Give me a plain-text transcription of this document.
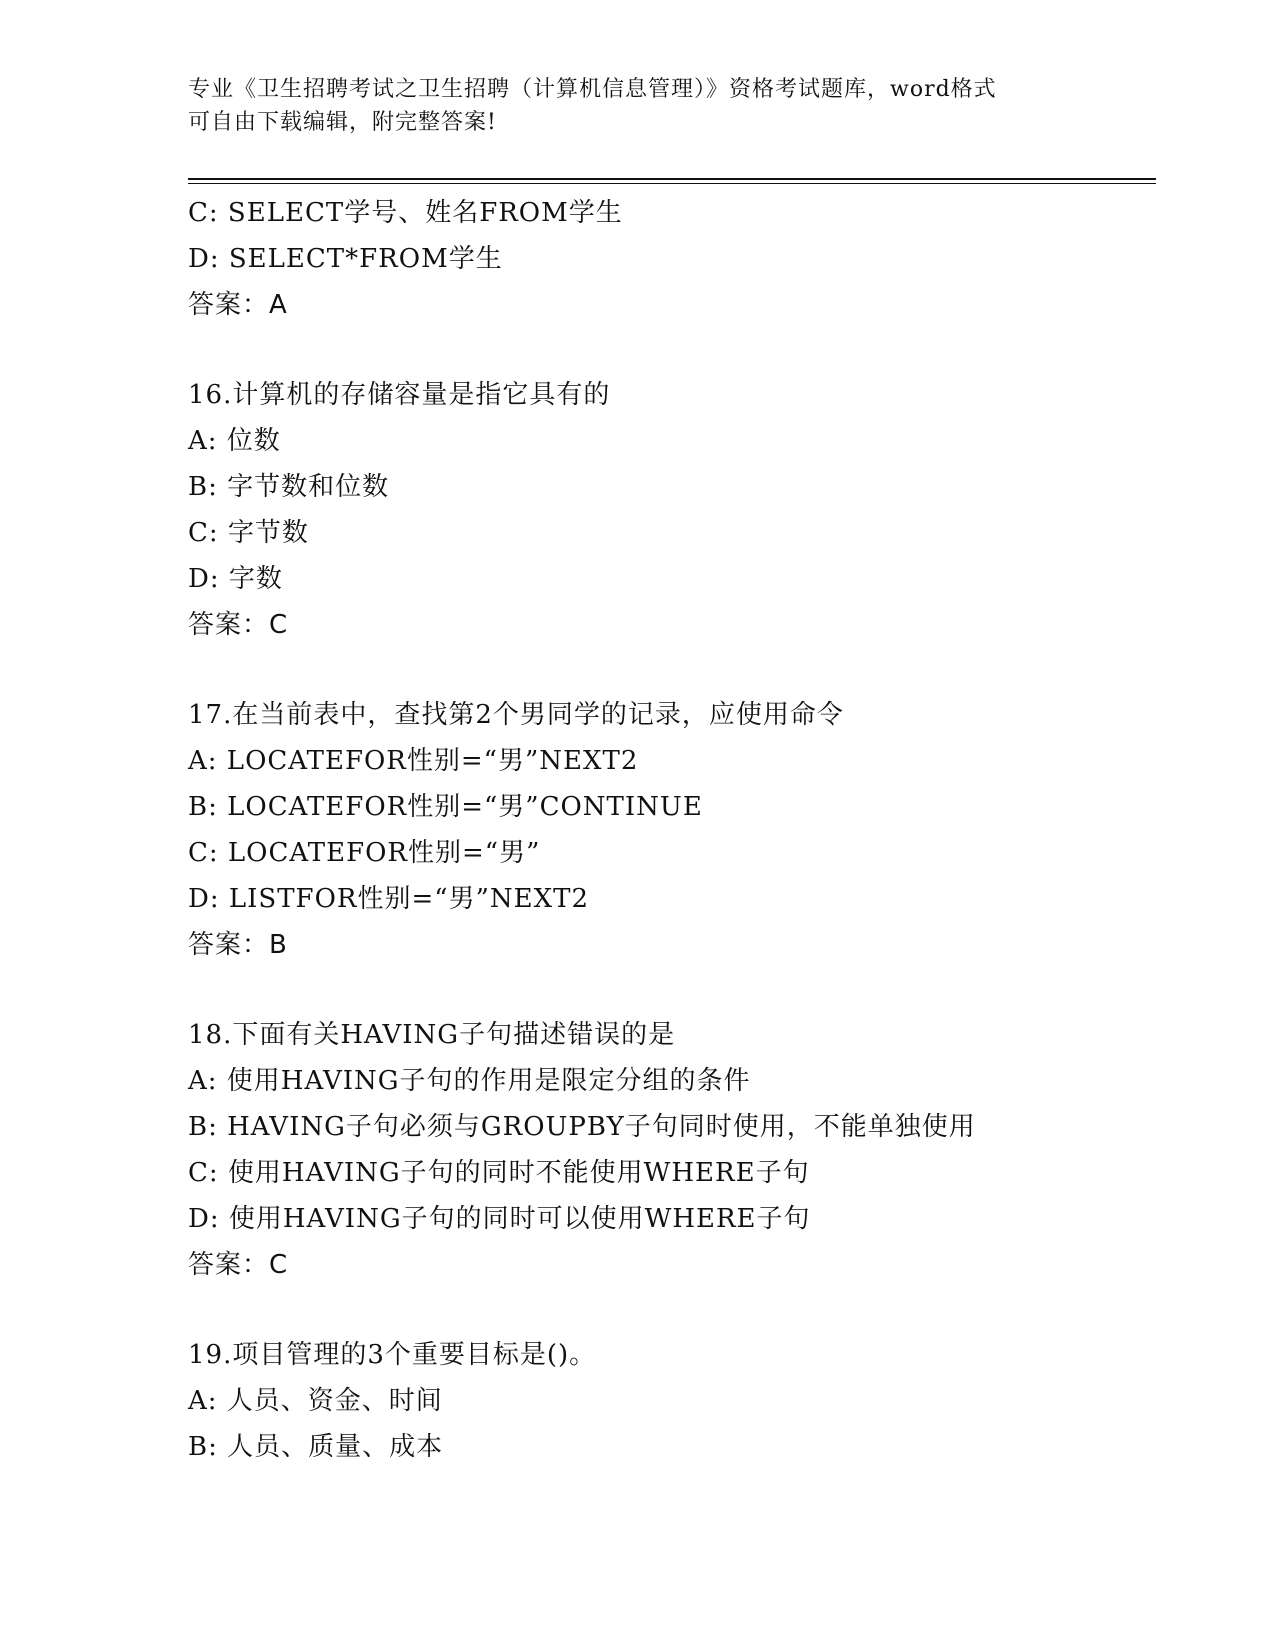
专业《卫生招聘考试之卫生招聘（计算机信息管理）》资格考试题库，word格式
可自由下载编辑，附完整答案!
C: SELECT学号、姓名FROM学生
D: SELECT*FROM学生
答案：A
16.计算机的存储容量是指它具有的
A: 位数
B: 字节数和位数
C: 字节数
D: 字数
答案：C
17.在当前表中，查找第2个男同学的记录，应使用命令
A: LOCATEFOR性别=“男”NEXT2
B: LOCATEFOR性别=“男”CONTINUE
C: LOCATEFOR性别=“男”
D: LISTFOR性别=“男”NEXT2
答案：B
18.下面有关HAVING子句描述错误的是
A: 使用HAVING子句的作用是限定分组的条件
B: HAVING子句必须与GROUPBY子句同时使用，不能单独使用
C: 使用HAVING子句的同时不能使用WHERE子句
D: 使用HAVING子句的同时可以使用WHERE子句
答案：C
19.项目管理的3个重要目标是()。
A: 人员、资金、时间
B: 人员、质量、成本
